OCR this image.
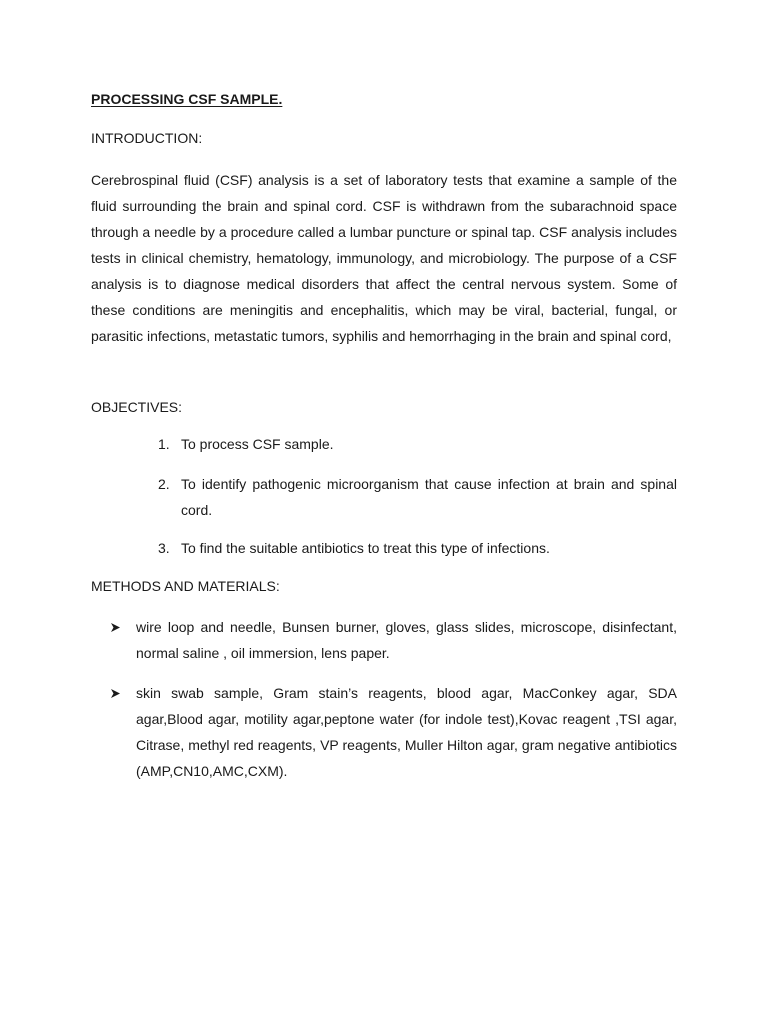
PROCESSING CSF SAMPLE.
INTRODUCTION:

Cerebrospinal fluid (CSF) analysis is a set of laboratory tests that examine a sample of the fluid surrounding the brain and spinal cord. CSF is withdrawn from the subarachnoid space through a needle by a procedure called a lumbar puncture or spinal tap. CSF analysis includes tests in clinical chemistry, hematology, immunology, and microbiology. The purpose of a CSF analysis is to diagnose medical disorders that affect the central nervous system. Some of these conditions are meningitis and encephalitis, which may be viral, bacterial, fungal, or parasitic infections, metastatic tumors, syphilis and hemorrhaging in the brain and spinal cord,

OBJECTIVES:
1. To process CSF sample.
2. To identify pathogenic microorganism that cause infection at brain and spinal cord.
3. To find the suitable antibiotics to treat this type of infections.
METHODS AND MATERIALS:
wire loop and needle, Bunsen burner, gloves, glass slides, microscope, disinfectant, normal saline , oil immersion, lens paper.
skin swab sample, Gram stain’s reagents, blood agar, MacConkey agar, SDA agar,Blood agar, motility agar,peptone water (for indole test),Kovac reagent ,TSI agar, Citrase, methyl red reagents, VP reagents, Muller Hilton agar, gram negative antibiotics (AMP,CN10,AMC,CXM).
